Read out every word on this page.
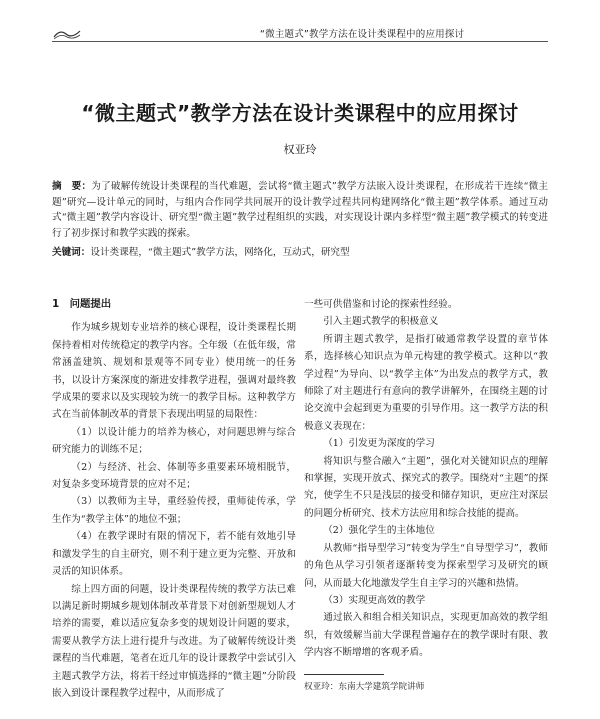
“微主题式”教学方法在设计类课程中的应用探讨
“微主题式”教学方法在设计类课程中的应用探讨
权亚玲
摘　要：为了破解传统设计类课程的当代难题，尝试将“微主题式”教学方法嵌入设计类课程，在形成若干连续“微主题”研究—设计单元的同时，与组内合作同学共同展开的设计教学过程共同构建网络化“微主题”教学体系。通过互动式“微主题”教学内容设计、研究型“微主题”教学过程组织的实践，对实现设计课内多样型“微主题”教学模式的转变进行了初步探讨和教学实践的探索。
关键词：设计类课程，“微主题式”教学方法，网络化，互动式，研究型

1　问题提出

作为城乡规划专业培养的核心课程，设计类课程长期保持着相对传统稳定的教学内容。仝年级（在低年级，常常涵盖建筑、规划和景观等不同专业）使用统一的任务书，以设计方案深度的渐进安排教学进程，强调对最终教学成果的要求以及实现较为统一的教学目标。这种教学方式在当前体制改革的背景下表现出明显的局限性：

（1）以设计能力的培养为核心，对问题思辨与综合研究能力的训练不足；

（2）与经济、社会、体制等多重要素环境相脱节，对复杂多变环境背景的应对不足；

（3）以教师为主导，重经验传授，重师徒传承，学生作为“教学主体”的地位不强；

（4）在教学课时有限的情况下，若不能有效地引导和激发学生的自主研究，则不利于建立更为完整、开放和灵活的知识体系。

综上四方面的问题，设计类课程传统的教学方法已难以满足新时期城乡规划体制改革背景下对创新型规划人才培养的需要，难以适应复杂多变的规划设计问题的要求，需要从教学方法上进行提升与改进。为了破解传统设计类课程的当代难题，笔者在近几年的设计课教学中尝试引入主题式教学方法，将若干经过审慎选择的“微主题”分阶段嵌入到设计课程教学过程中，从而形成了

一些可供借鉴和讨论的探索性经验。

引入主题式教学的积极意义

所谓主题式教学，是指打破通常教学设置的章节体系，选择核心知识点为单元构建的教学模式。这种以“教学过程”为导向、以“教学主体”为出发点的教学方式，教师除了对主题进行有意向的教学讲解外，在围绕主题的讨论交流中会起到更为重要的引导作用。这一教学方法的积极意义表现在：

（1）引发更为深度的学习

将知识与整合融入“主题”，强化对关键知识点的理解和掌握，实现开放式、探究式的教学。围绕对“主题”的探究，使学生不只是浅层的接受和储存知识，更应注对深层的问题分析研究、技术方法应用和综合技能的提高。

（2）强化学生的主体地位

从教师“指导型学习”转变为学生“自导型学习”，教师的角色从学习引领者逐渐转变为探索型学习及研究的顾问，从而最大化地激发学生自主学习的兴趣和热情。

（3）实现更高效的教学

通过嵌入和组合相关知识点，实现更加高效的教学组织，有效缓解当前大学课程普遍存在的教学课时有限、教学内容不断增增的客观矛盾。

权亚玲：东南大学建筑学院讲师
